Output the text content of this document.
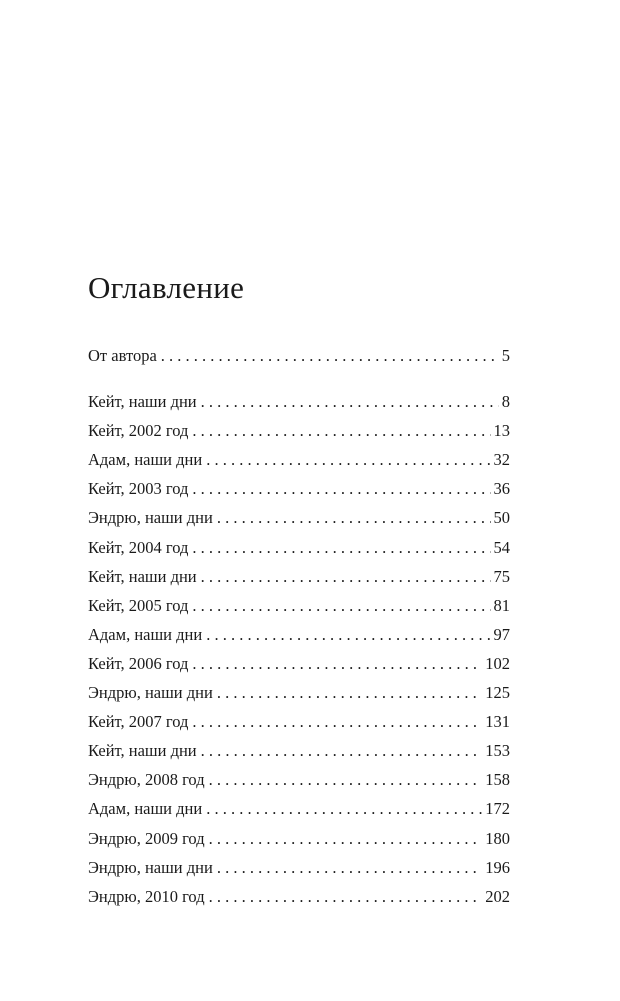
Оглавление
От автора . . .	5
Кейт, наши дни . . .	8
Кейт, 2002 год . . .	13
Адам, наши дни . . .	32
Кейт, 2003 год . . .	36
Эндрю, наши дни . . .	50
Кейт, 2004 год . . .	54
Кейт, наши дни . . .	75
Кейт, 2005 год . . .	81
Адам, наши дни . . .	97
Кейт, 2006 год . . .	102
Эндрю, наши дни . . .	125
Кейт, 2007 год . . .	131
Кейт, наши дни . . .	153
Эндрю, 2008 год . . .	158
Адам, наши дни . . .	172
Эндрю, 2009 год . . .	180
Эндрю, наши дни . . .	196
Эндрю, 2010 год . . .	202
